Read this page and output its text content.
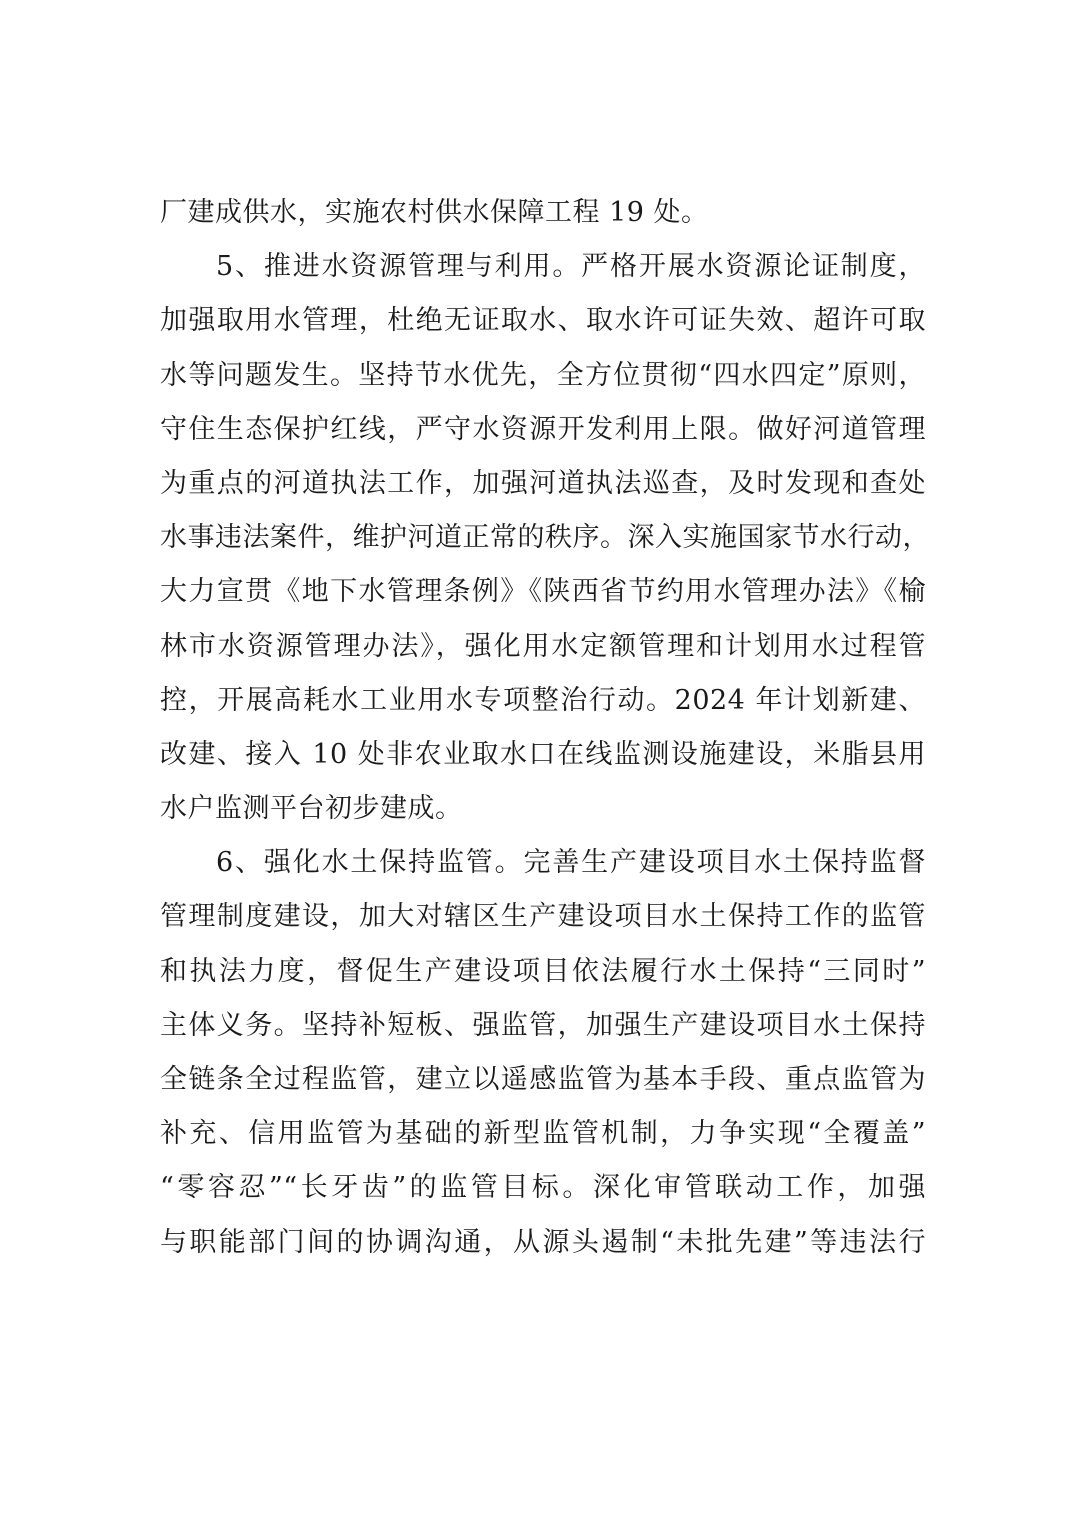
厂建成供水，实施农村供水保障工程 19 处。
5、推进水资源管理与利用。严格开展水资源论证制度，
加强取用水管理，杜绝无证取水、取水许可证失效、超许可取
水等问题发生。坚持节水优先，全方位贯彻“四水四定”原则，
守住生态保护红线，严守水资源开发利用上限。做好河道管理
为重点的河道执法工作，加强河道执法巡查，及时发现和查处
水事违法案件，维护河道正常的秩序。深入实施国家节水行动，
大力宣贯《地下水管理条例》《陕西省节约用水管理办法》《榆
林市水资源管理办法》，强化用水定额管理和计划用水过程管
控，开展高耗水工业用水专项整治行动。2024 年计划新建、
改建、接入 10 处非农业取水口在线监测设施建设，米脂县用
水户监测平台初步建成。
6、强化水土保持监管。完善生产建设项目水土保持监督
管理制度建设，加大对辖区生产建设项目水土保持工作的监管
和执法力度，督促生产建设项目依法履行水土保持“三同时”
主体义务。坚持补短板、强监管，加强生产建设项目水土保持
全链条全过程监管，建立以遥感监管为基本手段、重点监管为
补充、信用监管为基础的新型监管机制，力争实现“全覆盖”
“零容忍”“长牙齿”的监管目标。深化审管联动工作，加强
与职能部门间的协调沟通，从源头遏制“未批先建”等违法行
